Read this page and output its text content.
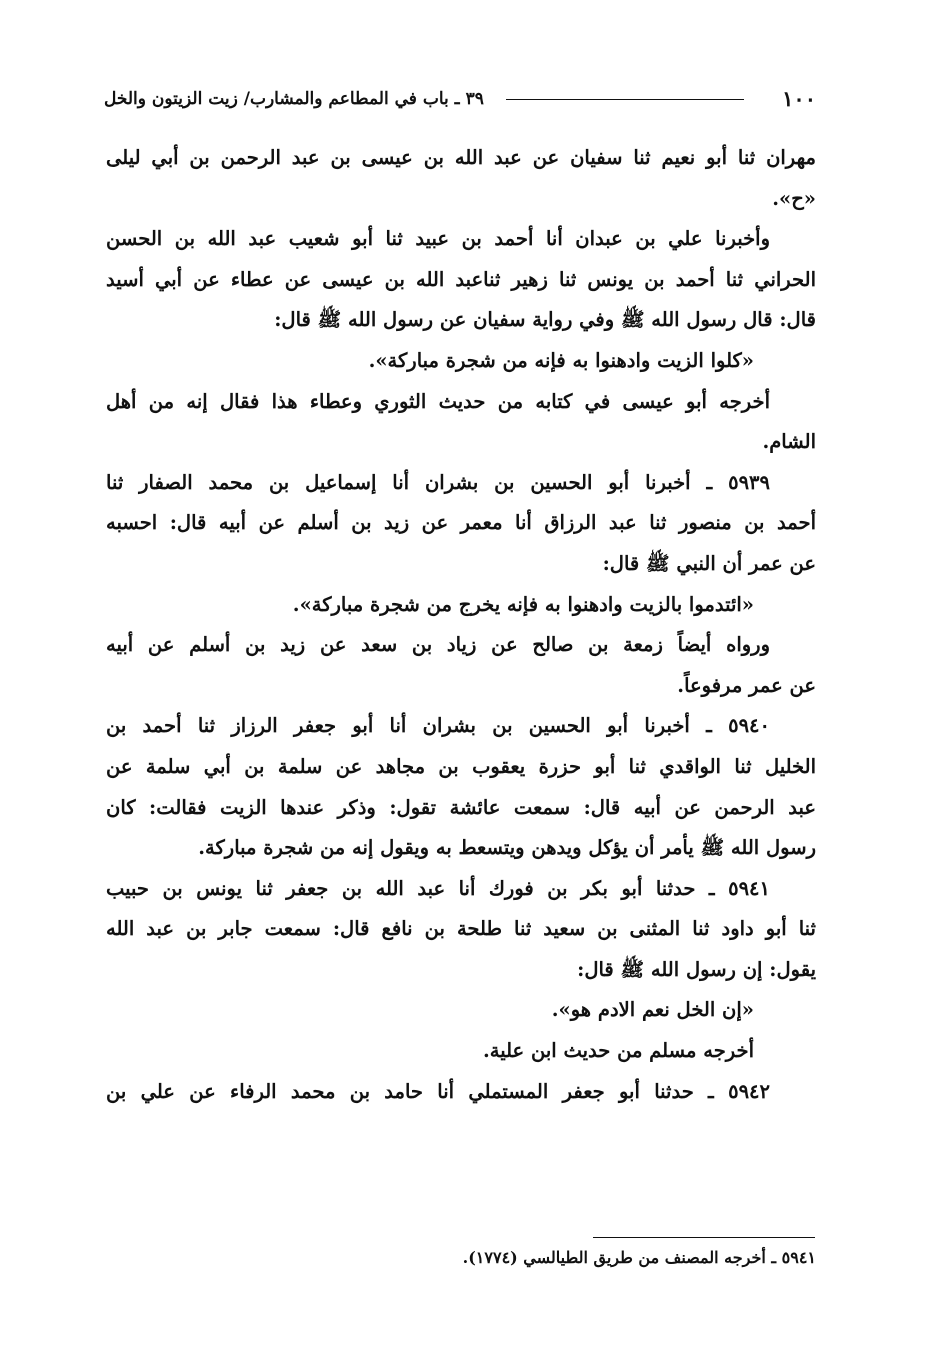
١٠٠
٣٩ ـ باب في المطاعم والمشارب/ زيت الزيتون والخل
مهران ثنا أبو نعيم ثنا سفيان عن عبد الله بن عيسى بن عبد الرحمن بن أبي ليلى
«ح».
وأخبرنا علي بن عبدان أنا أحمد بن عبيد ثنا أبو شعيب عبد الله بن الحسن
الحراني ثنا أحمد بن يونس ثنا زهير ثناعبد الله بن عيسى عن عطاء عن أبي أسيد
قال: قال رسول الله ﷺ وفي رواية سفيان عن رسول الله ﷺ قال:
«كلوا الزيت وادهنوا به فإنه من شجرة مباركة».
أخرجه أبو عيسى في كتابه من حديث الثوري وعطاء هذا فقال إنه من أهل
الشام.
٥٩٣٩ ـ أخبرنا أبو الحسين بن بشران أنا إسماعيل بن محمد الصفار ثنا
أحمد بن منصور ثنا عبد الرزاق أنا معمر عن زيد بن أسلم عن أبيه قال: احسبه
عن عمر أن النبي ﷺ قال:
«ائتدموا بالزيت وادهنوا به فإنه يخرج من شجرة مباركة».
ورواه أيضاً زمعة بن صالح عن زياد بن سعد عن زيد بن أسلم عن أبيه
عن عمر مرفوعاً.
٥٩٤٠ ـ أخبرنا أبو الحسين بن بشران أنا أبو جعفر الرزاز ثنا أحمد بن
الخليل ثنا الواقدي ثنا أبو حزرة يعقوب بن مجاهد عن سلمة بن أبي سلمة عن
عبد الرحمن عن أبيه قال: سمعت عائشة تقول: وذكر عندها الزيت فقالت: كان
رسول الله ﷺ يأمر أن يؤكل ويدهن ويتسعط به ويقول إنه من شجرة مباركة.
٥٩٤١ ـ حدثنا أبو بكر بن فورك أنا عبد الله بن جعفر ثنا يونس بن حبيب
ثنا أبو داود ثنا المثنى بن سعيد ثنا طلحة بن نافع قال: سمعت جابر بن عبد الله
يقول: إن رسول الله ﷺ قال:
«إن الخل نعم الادم هو».
أخرجه مسلم من حديث ابن علية.
٥٩٤٢ ـ حدثنا أبو جعفر المستملي أنا حامد بن محمد الرفاء عن علي بن
٥٩٤١ ـ أخرجه المصنف من طريق الطيالسي (١٧٧٤).
